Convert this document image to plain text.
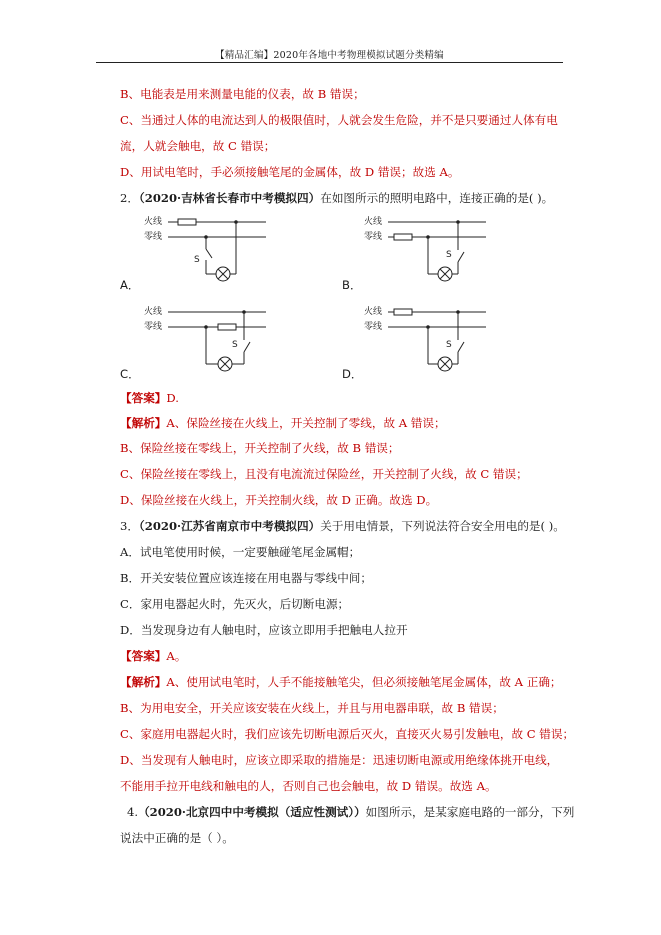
【精品汇编】2020年各地中考物理模拟试题分类精编
B、电能表是用来测量电能的仪表，故 B 错误；
C、当通过人体的电流达到人的极限值时，人就会发生危险，并不是只要通过人体有电
流，人就会触电，故 C 错误；
D、用试电笔时，手必须接触笔尾的金属体，故 D 错误；故选 A。
2．（2020·吉林省长春市中考模拟四）在如图所示的照明电路中，连接正确的是( )。
火线
零线
S
A．
火线
零线
S
B．
火线
零线
S
C．
火线
零线
S
D．
【答案】D.
【解析】A、保险丝接在火线上，开关控制了零线，故 A 错误；
B、保险丝接在零线上，开关控制了火线，故 B 错误；
C、保险丝接在零线上，且没有电流流过保险丝，开关控制了火线，故 C 错误；
D、保险丝接在火线上，开关控制火线，故 D 正确。故选 D。
3．（2020·江苏省南京市中考模拟四）关于用电情景，下列说法符合安全用电的是( )。
A．试电笔使用时候，一定要触碰笔尾金属帽；
B．开关安装位置应该连接在用电器与零线中间；
C．家用电器起火时，先灭火，后切断电源；
D．当发现身边有人触电时，应该立即用手把触电人拉开
【答案】A。
【解析】A、使用试电笔时，人手不能接触笔尖，但必须接触笔尾金属体，故 A 正确；
B、为用电安全，开关应该安装在火线上，并且与用电器串联，故 B 错误；
C、家庭用电器起火时，我们应该先切断电源后灭火，直接灭火易引发触电，故 C 错误；
D、当发现有人触电时，应该立即采取的措施是：迅速切断电源或用绝缘体挑开电线，
不能用手拉开电线和触电的人，否则自己也会触电，故 D 错误。故选 A。
4.（2020·北京四中中考模拟（适应性测试））如图所示，是某家庭电路的一部分，下列
说法中正确的是（ ）。
